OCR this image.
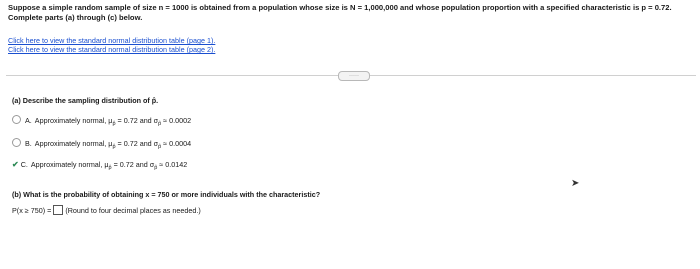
Suppose a simple random sample of size n = 1000 is obtained from a population whose size is N = 1,000,000 and whose population proportion with a specified characteristic is p = 0.72. Complete parts (a) through (c) below.
Click here to view the standard normal distribution table (page 1).
Click here to view the standard normal distribution table (page 2).
·····
(a) Describe the sampling distribution of p̂.
A. Approximately normal, $\mu_{p̂} = 0.72$ and $\sigma_{p̂} \approx 0.0002$
B. Approximately normal, $\mu_{p̂} = 0.72$ and $\sigma_{p̂} \approx 0.0004$
✔ C. Approximately normal, $\mu_{p̂} = 0.72$ and $\sigma_{p̂} \approx 0.0142$
(b) What is the probability of obtaining x = 750 or more individuals with the characteristic?
P(x ≥ 750) = (Round to four decimal places as needed.)
➤
